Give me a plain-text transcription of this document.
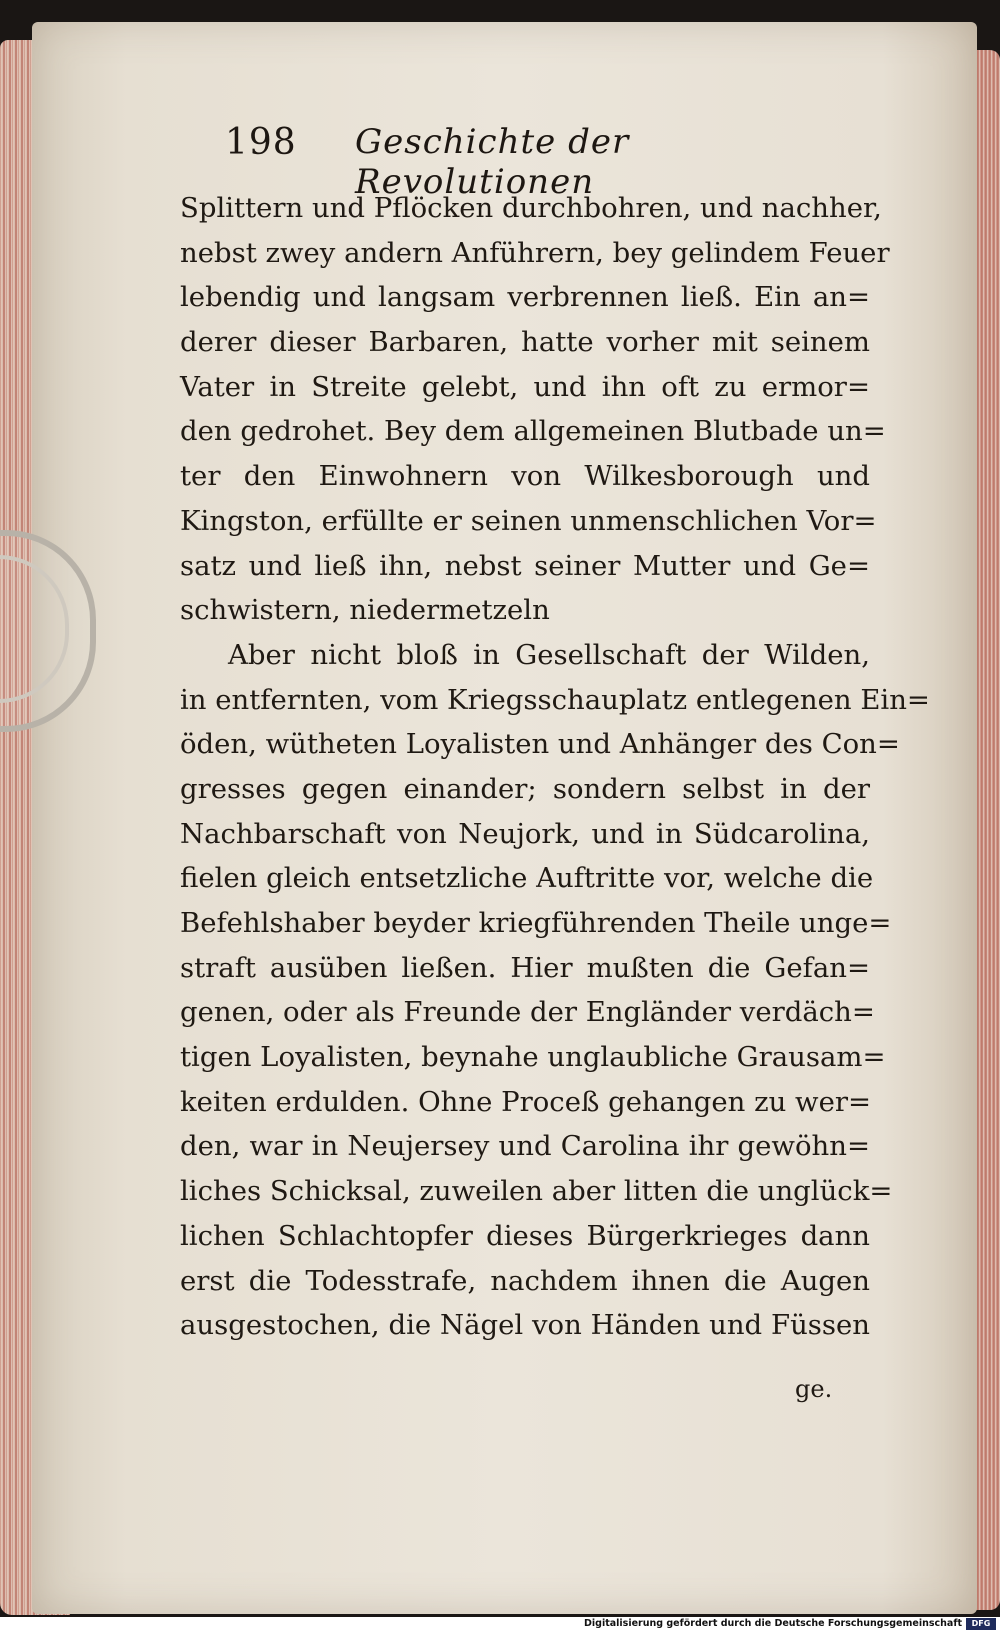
198 Geschichte der Revolutionen
Splittern und Pflöcken durchbohren, und nachher,
nebst zwey andern Anführern, bey gelindem Feuer
lebendig und langsam verbrennen ließ. Ein an=
derer dieser Barbaren, hatte vorher mit seinem
Vater in Streite gelebt, und ihn oft zu ermor=
den gedrohet. Bey dem allgemeinen Blutbade un=
ter den Einwohnern von Wilkesborough und
Kingston, erfüllte er seinen unmenschlichen Vor=
satz und ließ ihn, nebst seiner Mutter und Ge=
schwistern, niedermetzeln
Aber nicht bloß in Gesellschaft der Wilden,
in entfernten, vom Kriegsschauplatz entlegenen Ein=
öden, wütheten Loyalisten und Anhänger des Con=
gresses gegen einander; sondern selbst in der
Nachbarschaft von Neujork, und in Südcarolina,
fielen gleich entsetzliche Auftritte vor, welche die
Befehlshaber beyder kriegführenden Theile unge=
straft ausüben ließen. Hier mußten die Gefan=
genen, oder als Freunde der Engländer verdäch=
tigen Loyalisten, beynahe unglaubliche Grausam=
keiten erdulden. Ohne Proceß gehangen zu wer=
den, war in Neujersey und Carolina ihr gewöhn=
liches Schicksal, zuweilen aber litten die unglück=
lichen Schlachtopfer dieses Bürgerkrieges dann
erst die Todesstrafe, nachdem ihnen die Augen
ausgestochen, die Nägel von Händen und Füssen
ge.
Digitalisierung gefördert durch die Deutsche Forschungsgemeinschaft	DFG
